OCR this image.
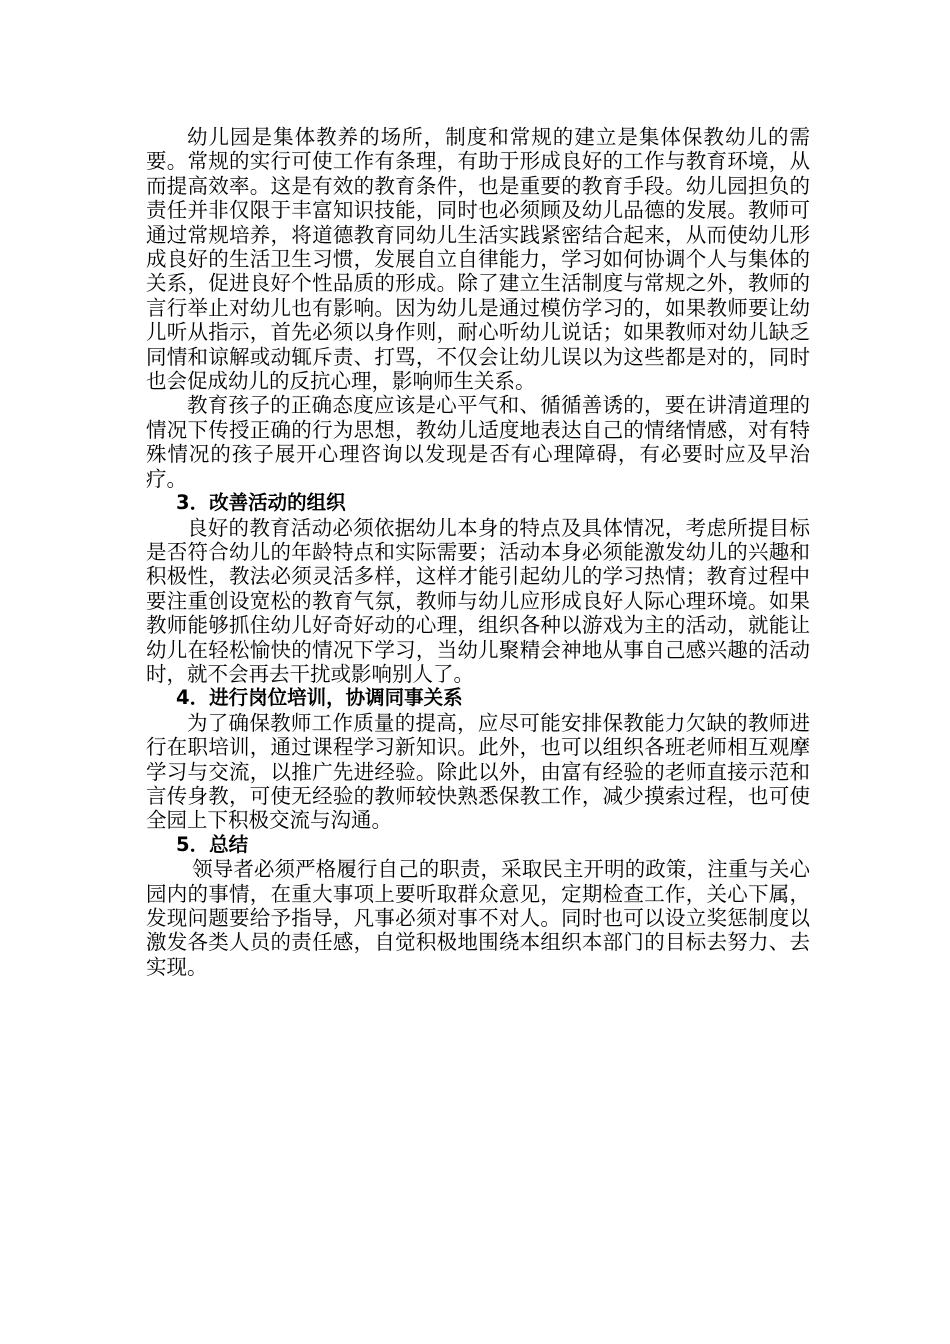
幼儿园是集体教养的场所，制度和常规的建立是集体保教幼儿的需要。常规的实行可使工作有条理，有助于形成良好的工作与教育环境，从而提高效率。这是有效的教育条件，也是重要的教育手段。幼儿园担负的责任并非仅限于丰富知识技能，同时也必须顾及幼儿品德的发展。教师可通过常规培养，将道德教育同幼儿生活实践紧密结合起来，从而使幼儿形成良好的生活卫生习惯，发展自立自律能力，学习如何协调个人与集体的关系，促进良好个性品质的形成。除了建立生活制度与常规之外，教师的言行举止对幼儿也有影响。因为幼儿是通过模仿学习的，如果教师要让幼儿听从指示，首先必须以身作则，耐心听幼儿说话；如果教师对幼儿缺乏同情和谅解或动辄斥责、打骂，不仅会让幼儿误以为这些都是对的，同时也会促成幼儿的反抗心理，影响师生关系。

教育孩子的正确态度应该是心平气和、循循善诱的，要在讲清道理的情况下传授正确的行为思想，教幼儿适度地表达自己的情绪情感，对有特殊情况的孩子展开心理咨询以发现是否有心理障碍，有必要时应及早治疗。

3．改善活动的组织

良好的教育活动必须依据幼儿本身的特点及具体情况，考虑所提目标是否符合幼儿的年龄特点和实际需要；活动本身必须能激发幼儿的兴趣和积极性，教法必须灵活多样，这样才能引起幼儿的学习热情；教育过程中要注重创设宽松的教育气氛，教师与幼儿应形成良好人际心理环境。如果教师能够抓住幼儿好奇好动的心理，组织各种以游戏为主的活动，就能让幼儿在轻松愉快的情况下学习，当幼儿聚精会神地从事自己感兴趣的活动时，就不会再去干扰或影响别人了。

4．进行岗位培训，协调同事关系

为了确保教师工作质量的提高，应尽可能安排保教能力欠缺的教师进行在职培训，通过课程学习新知识。此外，也可以组织各班老师相互观摩学习与交流，以推广先进经验。除此以外，由富有经验的老师直接示范和言传身教，可使无经验的教师较快熟悉保教工作，减少摸索过程，也可使全园上下积极交流与沟通。

5．总结

领导者必须严格履行自己的职责，采取民主开明的政策，注重与关心园内的事情，在重大事项上要听取群众意见，定期检查工作，关心下属，发现问题要给予指导，凡事必须对事不对人。同时也可以设立奖惩制度以激发各类人员的责任感，自觉积极地围绕本组织本部门的目标去努力、去实现。
